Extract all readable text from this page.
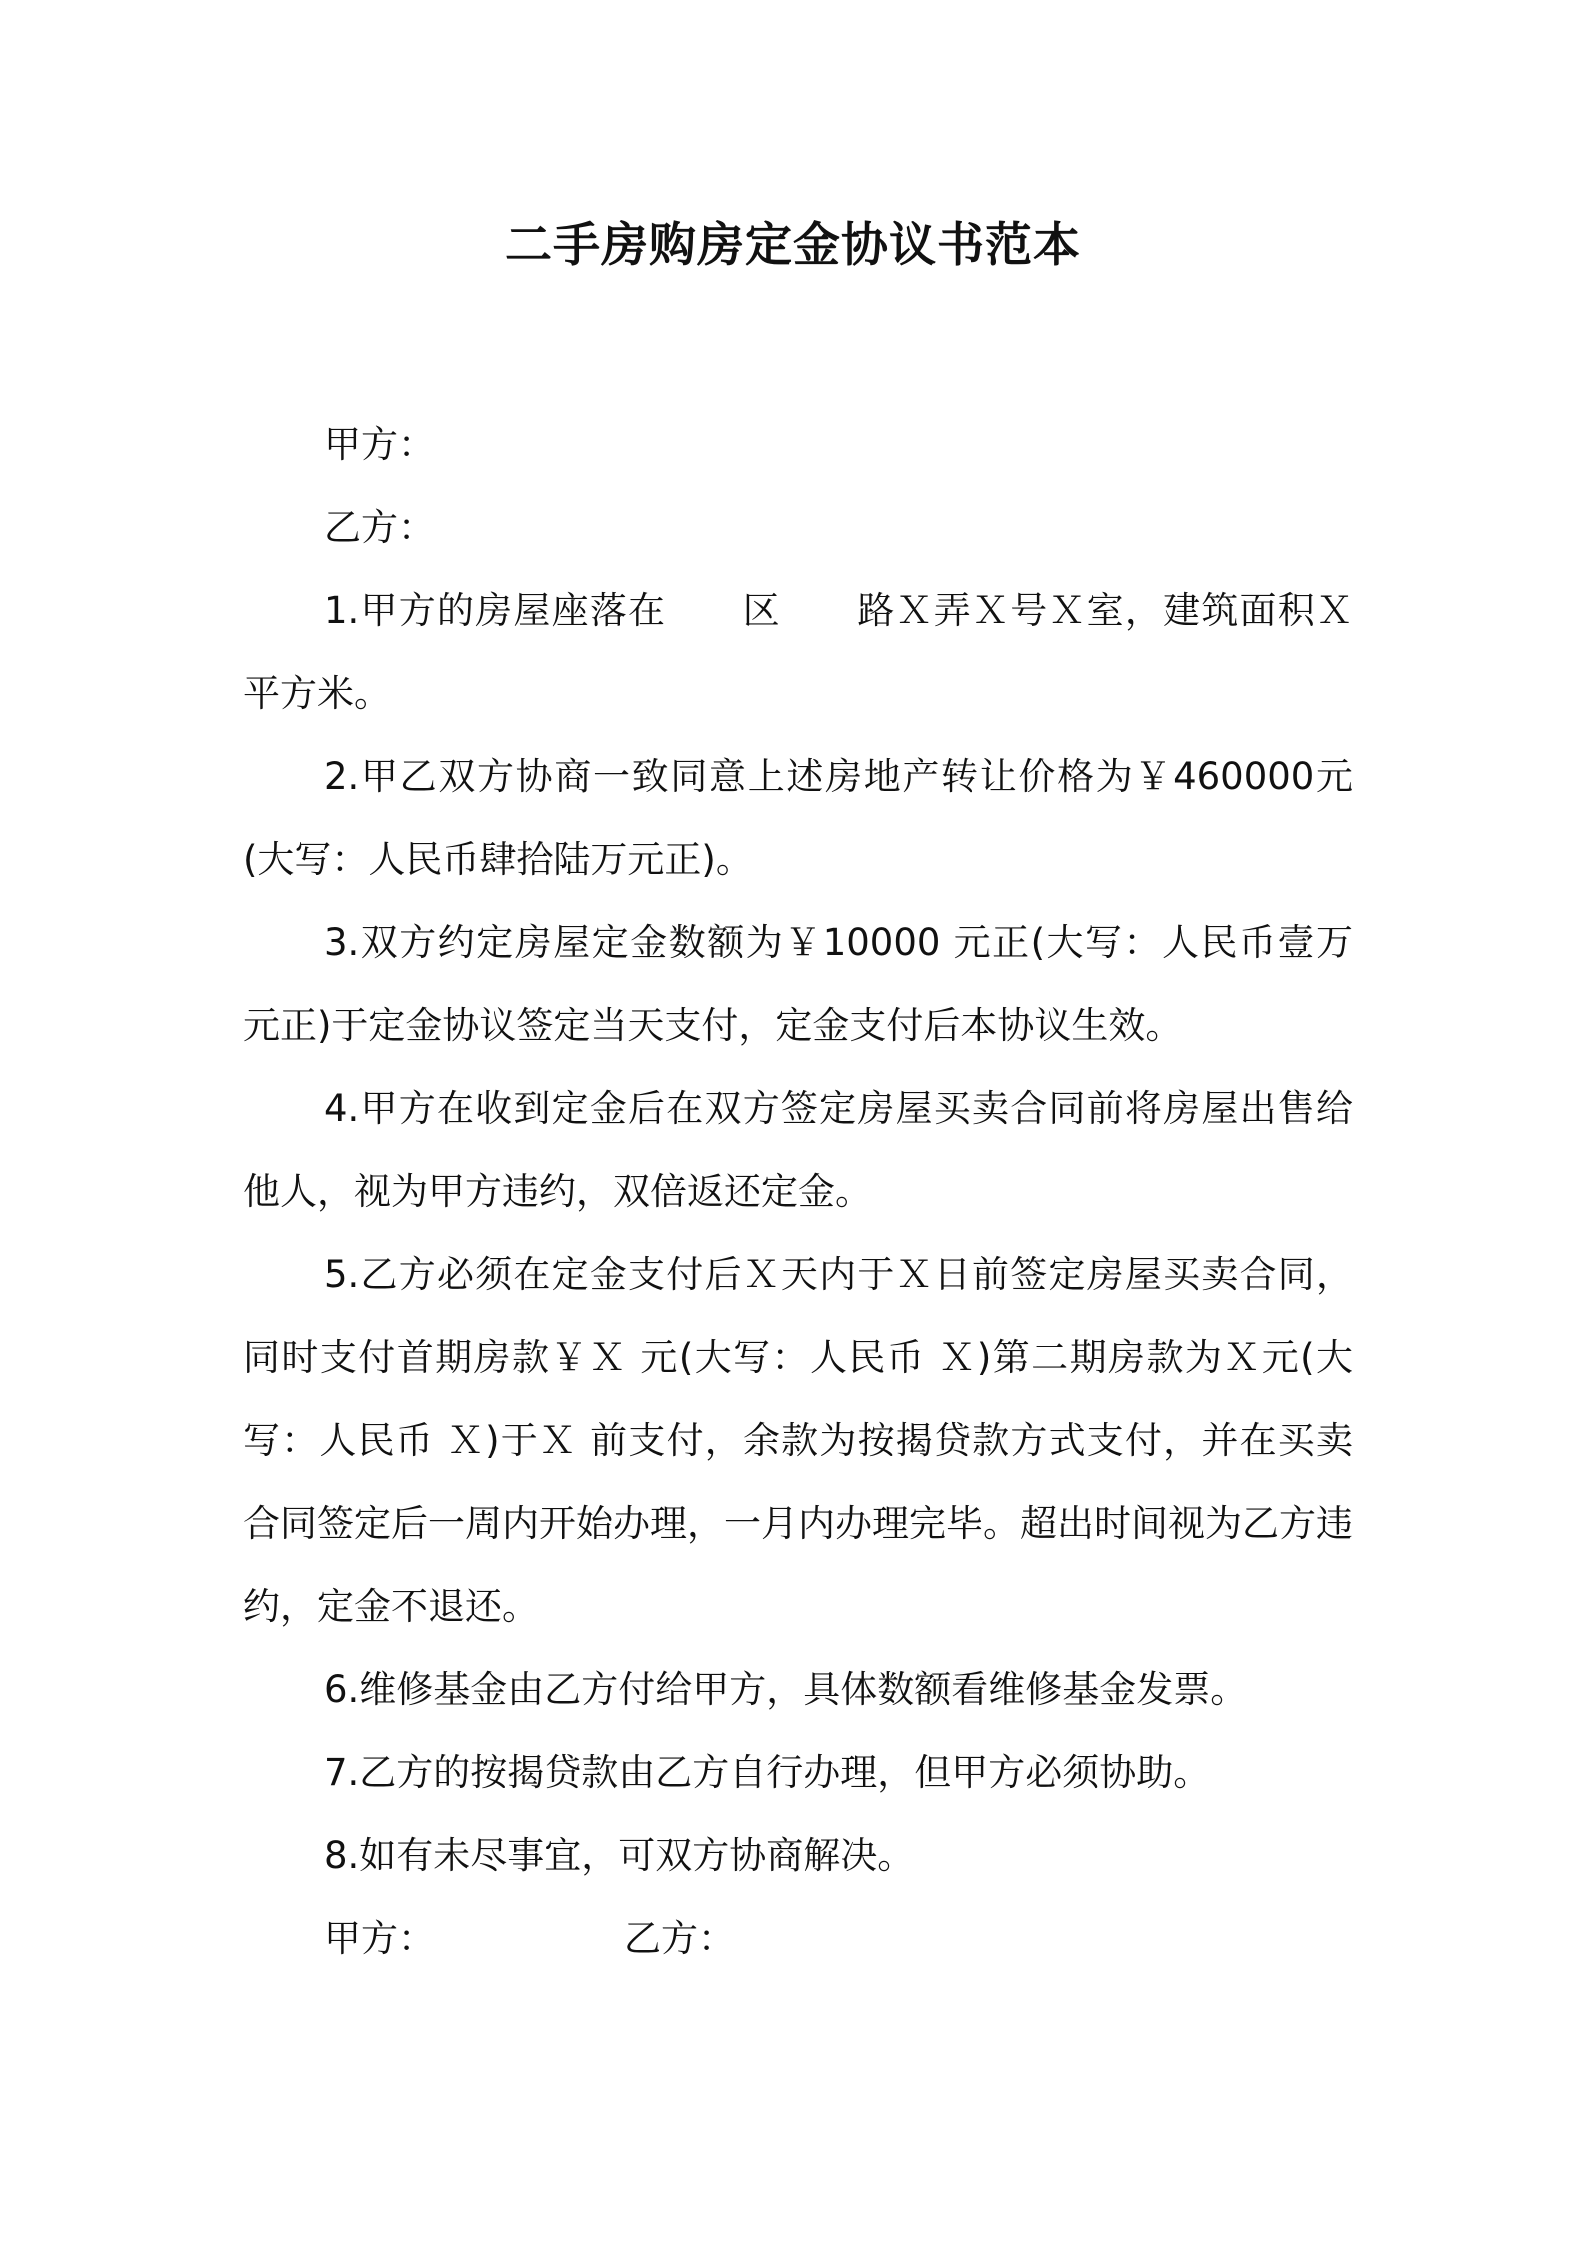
二手房购房定金协议书范本

甲方：

乙方：

1.甲方的房屋座落在　　区　　路Ｘ弄Ｘ号Ｘ室，建筑面积Ｘ平方米。

2.甲乙双方协商一致同意上述房地产转让价格为￥460000元(大写：人民币肆拾陆万元正)。

3.双方约定房屋定金数额为￥10000 元正(大写：人民币壹万元正)于定金协议签定当天支付，定金支付后本协议生效。

4.甲方在收到定金后在双方签定房屋买卖合同前将房屋出售给他人，视为甲方违约，双倍返还定金。

5.乙方必须在定金支付后Ｘ天内于Ｘ日前签定房屋买卖合同，同时支付首期房款￥Ｘ 元(大写：人民币 Ｘ)第二期房款为Ｘ元(大写：人民币 Ｘ)于Ｘ 前支付，余款为按揭贷款方式支付，并在买卖合同签定后一周内开始办理，一月内办理完毕。超出时间视为乙方违约，定金不退还。

6.维修基金由乙方付给甲方，具体数额看维修基金发票。

7.乙方的按揭贷款由乙方自行办理，但甲方必须协助。

8.如有未尽事宜，可双方协商解决。

甲方：	乙方：
